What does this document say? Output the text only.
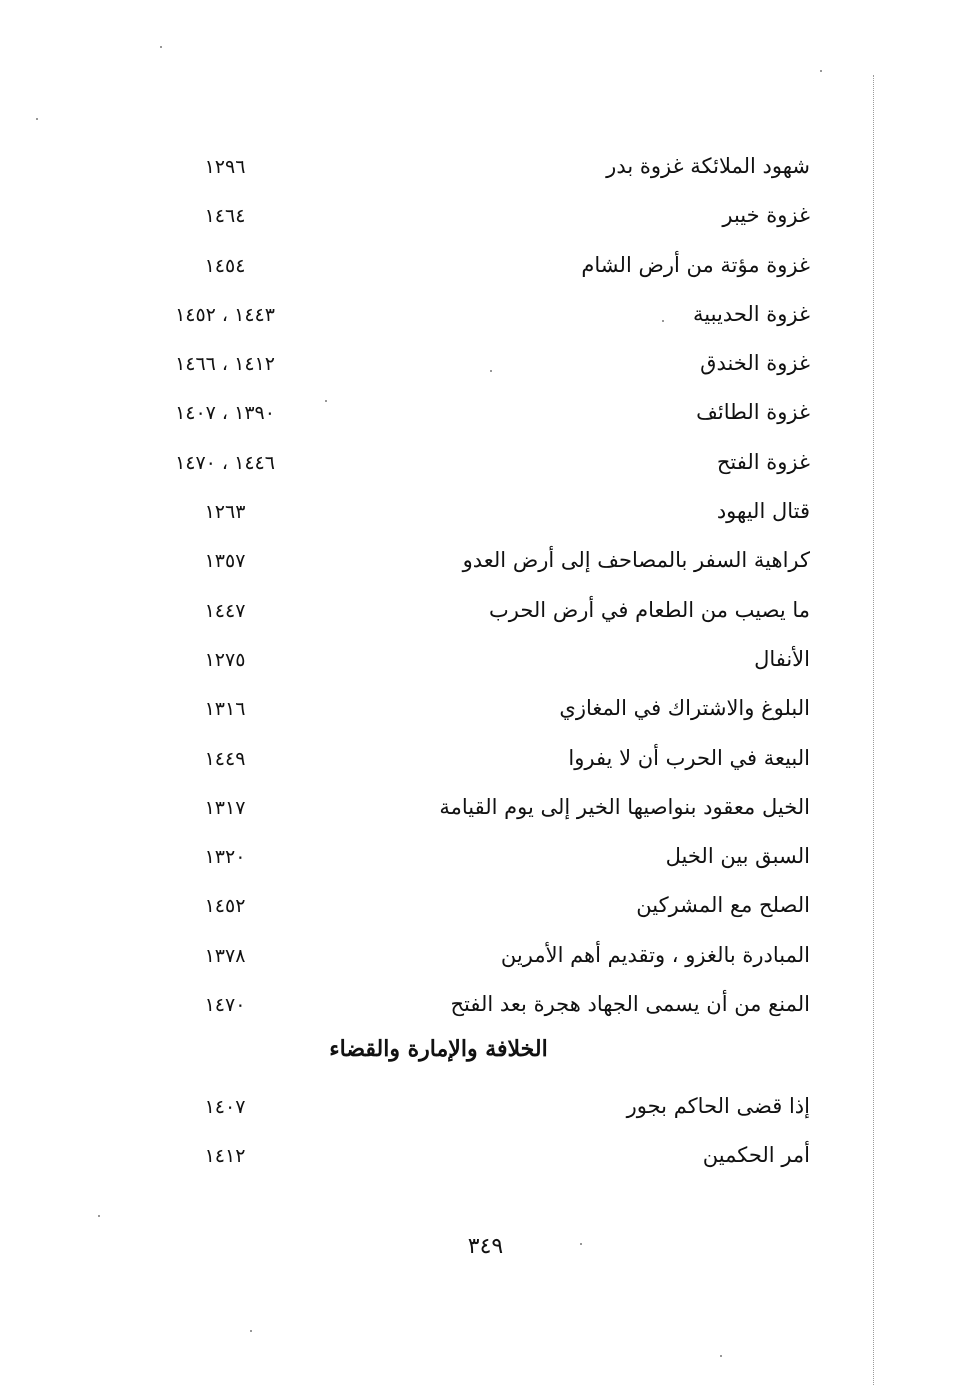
شهود الملائكة غزوة بدر
١٢٩٦
غزوة خيبر
١٤٦٤
غزوة مؤتة من أرض الشام
١٤٥٤
غزوة الحديبية
١٤٤٣ ، ١٤٥٢
غزوة الخندق
١٤١٢ ، ١٤٦٦
غزوة الطائف
١٣٩٠ ، ١٤٠٧
غزوة الفتح
١٤٤٦ ، ١٤٧٠
قتال اليهود
١٢٦٣
كراهية السفر بالمصاحف إلى أرض العدو
١٣٥٧
ما يصيب من الطعام في أرض الحرب
١٤٤٧
الأنفال
١٢٧٥
البلوغ والاشتراك في المغازي
١٣١٦
البيعة في الحرب أن لا يفروا
١٤٤٩
الخيل معقود بنواصيها الخير إلى يوم القيامة
١٣١٧
السبق بين الخيل
١٣٢٠
الصلح مع المشركين
١٤٥٢
المبادرة بالغزو ، وتقديم أهم الأمرين
١٣٧٨
المنع من أن يسمى الجهاد هجرة بعد الفتح
١٤٧٠
الخلافة والإمارة والقضاء
إذا قضى الحاكم بجور
١٤٠٧
أمر الحكمين
١٤١٢
٣٤٩
